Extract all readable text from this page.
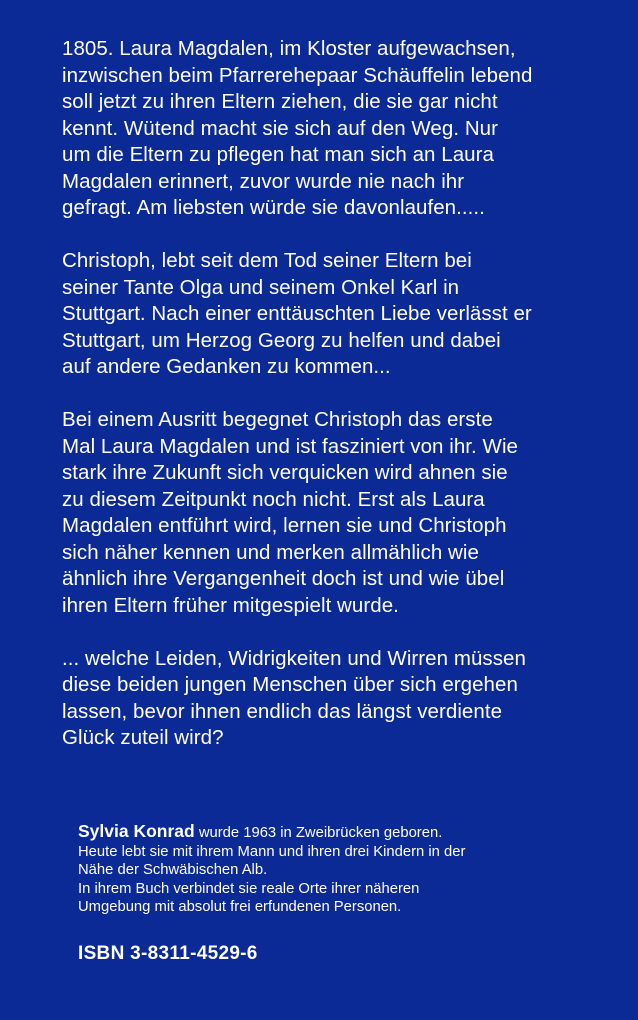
1805. Laura Magdalen, im Kloster aufgewachsen,
inzwischen beim Pfarrerehepaar Schäuffelin lebend
soll jetzt zu ihren Eltern ziehen, die sie gar nicht
kennt. Wütend macht sie sich auf den Weg. Nur
um die Eltern zu pflegen hat man sich an Laura
Magdalen erinnert, zuvor wurde nie nach ihr
gefragt. Am liebsten würde sie davonlaufen.....

Christoph, lebt seit dem Tod seiner Eltern bei
seiner Tante Olga und seinem Onkel Karl in
Stuttgart. Nach einer enttäuschten Liebe verlässt er
Stuttgart, um Herzog Georg zu helfen und dabei
auf andere Gedanken zu kommen...

Bei einem Ausritt begegnet Christoph das erste
Mal Laura Magdalen und ist fasziniert von ihr. Wie
stark ihre Zukunft sich verquicken wird ahnen sie
zu diesem Zeitpunkt noch nicht. Erst als Laura
Magdalen entführt wird, lernen sie und Christoph
sich näher kennen und merken allmählich wie
ähnlich ihre Vergangenheit doch ist und wie übel
ihren Eltern früher mitgespielt wurde.

... welche Leiden, Widrigkeiten und Wirren müssen
diese beiden jungen Menschen über sich ergehen
lassen, bevor ihnen endlich das längst verdiente
Glück zuteil wird?

Sylvia Konrad wurde 1963 in Zweibrücken geboren.
Heute lebt sie mit ihrem Mann und ihren drei Kindern in der
Nähe der Schwäbischen Alb.
In ihrem Buch verbindet sie reale Orte ihrer näheren
Umgebung mit absolut frei erfundenen Personen.

ISBN 3-8311-4529-6
